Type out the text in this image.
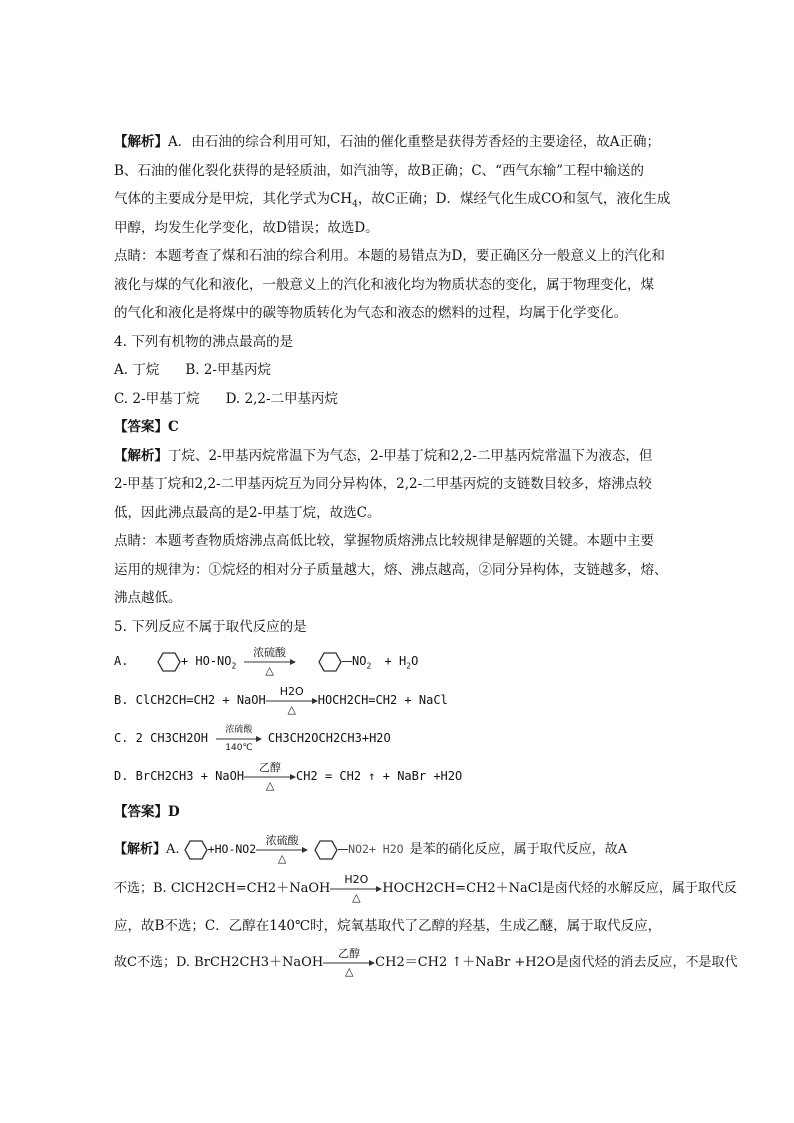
【解析】A．由石油的综合利用可知，石油的催化重整是获得芳香烃的主要途径，故A正确；
B、石油的催化裂化获得的是轻质油，如汽油等，故B正确；C、“西气东输”工程中输送的
气体的主要成分是甲烷，其化学式为$CH_4$，故C正确；D．煤经气化生成CO和氢气，液化生成
甲醇，均发生化学变化，故D错误；故选D。
点睛：本题考查了煤和石油的综合利用。本题的易错点为D，要正确区分一般意义上的汽化和
液化与煤的气化和液化，一般意义上的汽化和液化均为物质状态的变化，属于物理变化，煤
的气化和液化是将煤中的碳等物质转化为气态和液态的燃料的过程，均属于化学变化。
4. 下列有机物的沸点最高的是
A. 丁烷 B. 2-甲基丙烷
C. 2-甲基丁烷 D. 2,2-二甲基丙烷
【答案】C
【解析】丁烷、2-甲基丙烷常温下为气态，2-甲基丁烷和2,2-二甲基丙烷常温下为液态，但
2-甲基丁烷和2,2-二甲基丙烷互为同分异构体，2,2-二甲基丙烷的支链数目较多，熔沸点较
低，因此沸点最高的是2-甲基丁烷，故选C。
点睛：本题考查物质熔沸点高低比较，掌握物质熔沸点比较规律是解题的关键。本题中主要
运用的规律为：①烷烃的相对分子质量越大，熔、沸点越高，②同分异构体，支链越多，熔、
沸点越低。
5. 下列反应不属于取代反应的是
A.	+ $HO-NO_2$
浓硫酸
△
$NO_2 + H_2O$
B. ClCH2CH=CH2 + NaOH
H2O
△
HOCH2CH=CH2 + NaCl
C. 2 CH3CH2OH
浓硫酸
140℃
CH3CH2OCH2CH3+H2O
D. BrCH2CH3 + NaOH
乙醇
△
CH2 = CH2 ↑ + NaBr +H2O
【答案】D
【解析】A. +HO-NO2
浓硫酸
△
NO2+ H2O 是苯的硝化反应，属于取代反应，故A
不选；B. ClCH2CH=CH2＋NaOH
H2O
△
HOCH2CH=CH2＋NaCl是卤代烃的水解反应，属于取代反
应，故B不选；C．乙醇在140℃时，烷氧基取代了乙醇的羟基，生成乙醚，属于取代反应，
故C不选；D. BrCH2CH3＋NaOH
乙醇
△
CH2＝CH2 ↑＋NaBr +H2O是卤代烃的消去反应，不是取代
